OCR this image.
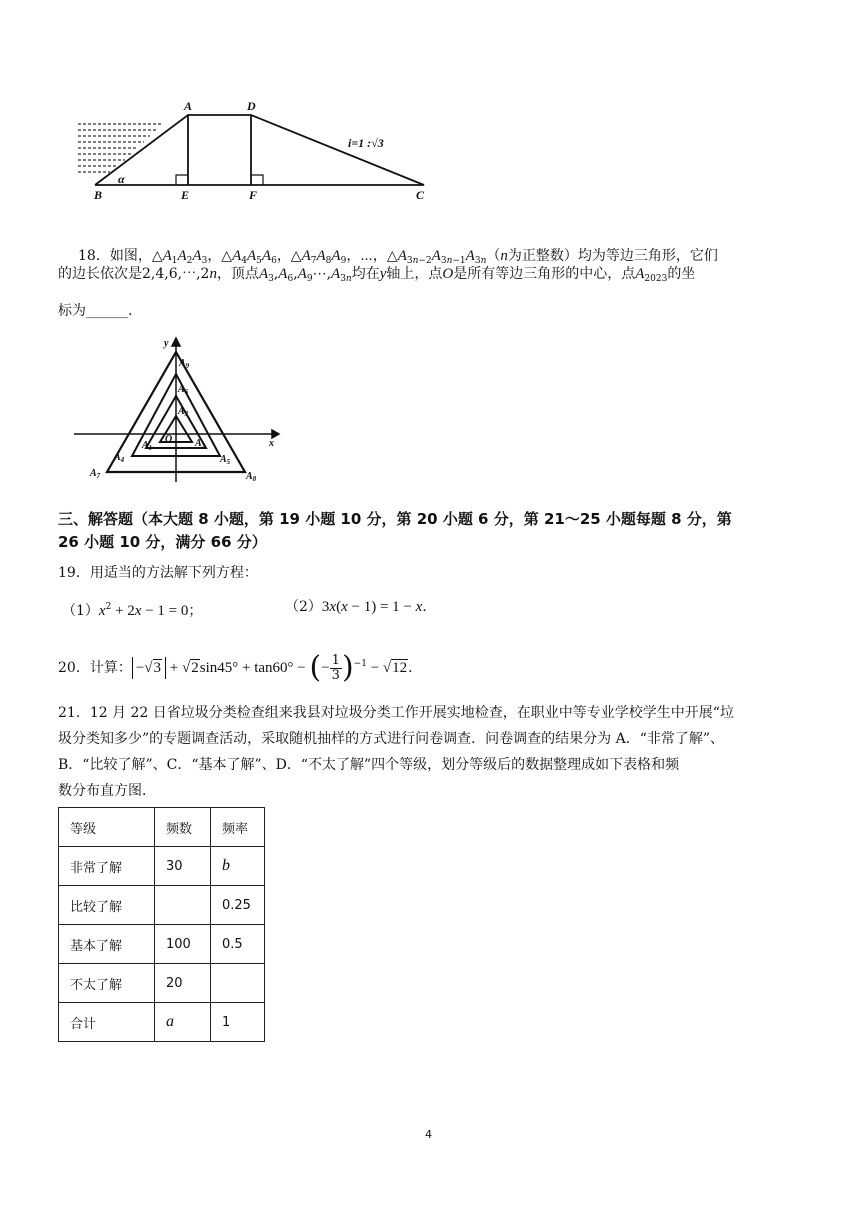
A	D
B	E	F	C
α
i=1 :√3
18．如图，$\triangle A_1A_2A_3$，$\triangle A_4A_5A_6$，$\triangle A_7A_8A_9$，⋯，$\triangle A_{3n-2}A_{3n-1}A_{3n}(n$为正整数）均为等边三角形，它们
的边长依次是2,4,6,⋯,2n，顶点$A_3,A_6,A_9\cdots,A_{3n}$均在y轴上，点O是所有等边三角形的中心，点$A_{2023}$的坐
标为______.
y
x
O
$A_1$	$A_2$
$A_3$
$A_4$	$A_5$
$A_6$
$A_7$	$A_8$
$A_9$
三、解答题（本大题 8 小题，第 19 小题 10 分，第 20 小题 6 分，第 21～25 小题每题 8 分，第
26 小题 10 分，满分 66 分）
19．用适当的方法解下列方程：
$(1)x^2 + 2x - 1 = 0$；	（2）3x(x − 1) = 1 − x．
20．计算： −√3 + √2sin45° + tan60° − (− $\frac{1}{3} )^{-1} - √12$．
21．12 月 22 日省垃圾分类检查组来我县对垃圾分类工作开展实地检查，在职业中等专业学校学生中开展“垃
圾分类知多少”的专题调查活动，采取随机抽样的方式进行问卷调查．问卷调查的结果分为 A．“非常了解”、
B．“比较了解”、C．“基本了解”、D．“不太了解”四个等级，划分等级后的数据整理成如下表格和频
数分布直方图．
等级	频数	频率
非常了解	30	b
比较了解		0.25
基本了解	100	0.5
不太了解	20	
合计	a	1
4
